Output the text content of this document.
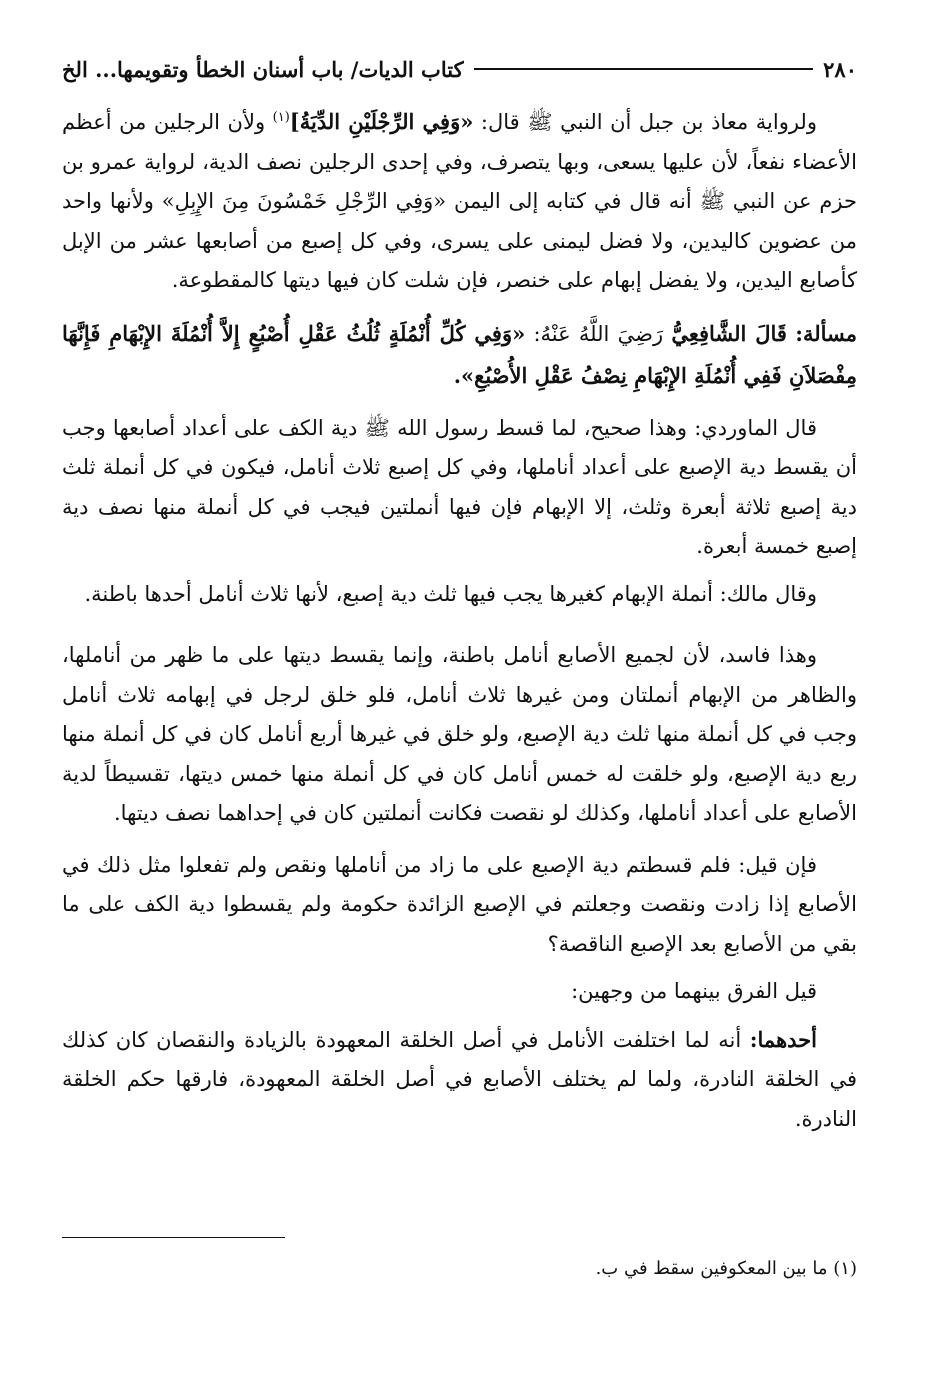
٢٨٠
كتاب الديات/ باب أسنان الخطأ وتقويمها... الخ

ولرواية معاذ بن جبل أن النبي ﷺ قال: «وَفِي الرِّجْلَيْنِ الدِّيَةُ]$^{(١)}$ ولأن الرجلين من أعظم الأعضاء نفعاً، لأن عليها يسعى، وبها يتصرف، وفي إحدى الرجلين نصف الدية، لرواية عمرو بن حزم عن النبي ﷺ أنه قال في كتابه إلى اليمن «وَفِي الرِّجْلِ خَمْسُونَ مِنَ الإِبِلِ» ولأنها واحد من عضوين كاليدين، ولا فضل ليمنى على يسرى، وفي كل إصبع من أصابعها عشر من الإبل كأصابع اليدين، ولا يفضل إبهام على خنصر، فإن شلت كان فيها ديتها كالمقطوعة.

مسألة: قَالَ الشَّافِعِيُّ رَضِيَ اللَّهُ عَنْهُ: «وَفِي كُلِّ أُنْمُلَةٍ ثُلُثُ عَقْلِ أُصْبُعٍ إِلاَّ أُنْمُلَةَ الإِبْهَامِ فَإِنَّهَا مِفْصَلاَنِ فَفِي أُنْمُلَةِ الإِبْهَامِ نِصْفُ عَقْلِ الأُصْبُعِ».

قال الماوردي: وهذا صحيح، لما قسط رسول الله ﷺ دية الكف على أعداد أصابعها وجب أن يقسط دية الإصبع على أعداد أناملها، وفي كل إصبع ثلاث أنامل، فيكون في كل أنملة ثلث دية إصبع ثلاثة أبعرة وثلث، إلا الإبهام فإن فيها أنملتين فيجب في كل أنملة منها نصف دية إصبع خمسة أبعرة.

وقال مالك: أنملة الإبهام كغيرها يجب فيها ثلث دية إصبع، لأنها ثلاث أنامل أحدها باطنة.

وهذا فاسد، لأن لجميع الأصابع أنامل باطنة، وإنما يقسط ديتها على ما ظهر من أناملها، والظاهر من الإبهام أنملتان ومن غيرها ثلاث أنامل، فلو خلق لرجل في إبهامه ثلاث أنامل وجب في كل أنملة منها ثلث دية الإصبع، ولو خلق في غيرها أربع أنامل كان في كل أنملة منها ربع دية الإصبع، ولو خلقت له خمس أنامل كان في كل أنملة منها خمس ديتها، تقسيطاً لدية الأصابع على أعداد أناملها، وكذلك لو نقصت فكانت أنملتين كان في إحداهما نصف ديتها.

فإن قيل: فلم قسطتم دية الإصبع على ما زاد من أناملها ونقص ولم تفعلوا مثل ذلك في الأصابع إذا زادت ونقصت وجعلتم في الإصبع الزائدة حكومة ولم يقسطوا دية الكف على ما بقي من الأصابع بعد الإصبع الناقصة؟

قيل الفرق بينهما من وجهين:

أحدهما: أنه لما اختلفت الأنامل في أصل الخلقة المعهودة بالزيادة والنقصان كان كذلك في الخلقة النادرة، ولما لم يختلف الأصابع في أصل الخلقة المعهودة، فارقها حكم الخلقة النادرة.

(١) ما بين المعكوفين سقط في ب.
